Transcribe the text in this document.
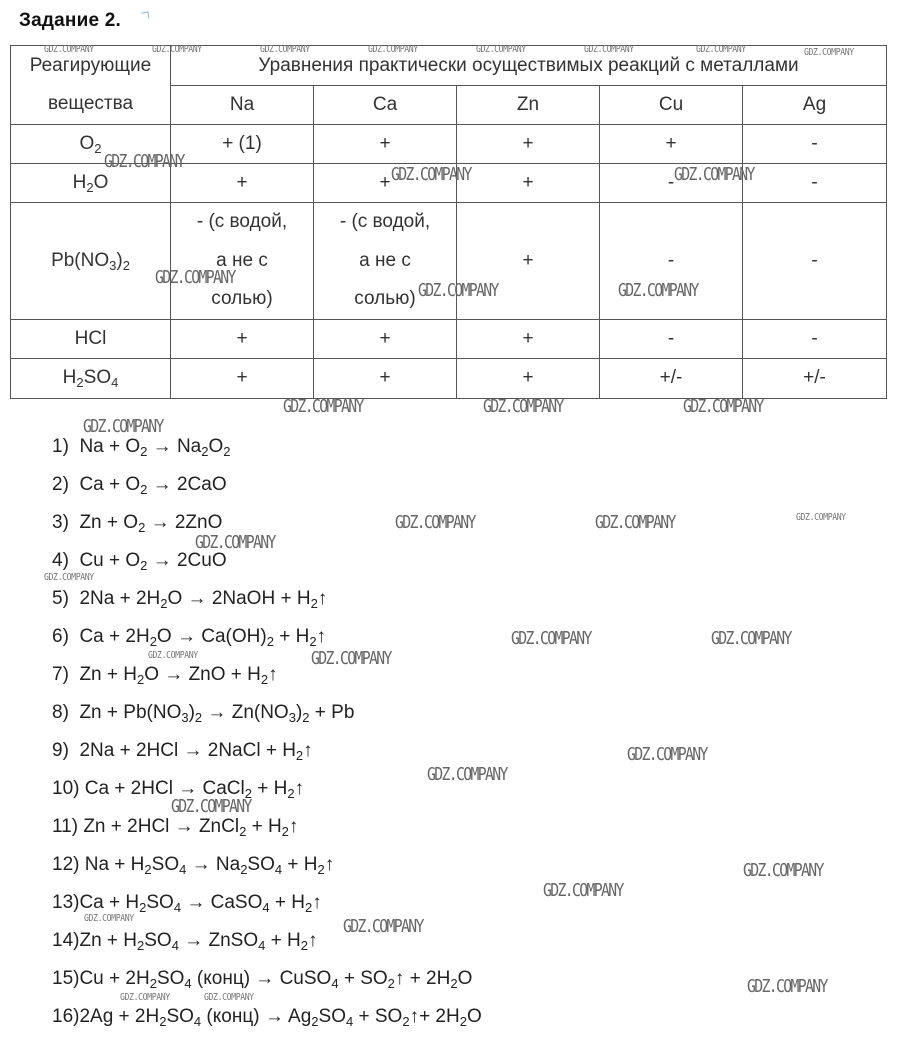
Задание 2.
Реагирующие
вещества	Уравнения практически осуществимых реакций с металлами				
	Na	Ca	Zn	Cu	Ag
$O_2$	+ (1)	+	+	+	-
$H_2O$	+	+	+	-	-
$Pb(NO_3)_2$	- (с водой,
а не с
солью)	- (с водой,
а не с
солью)	+	-	-
HCl	+	+	+	-	-
$H_2SO_4$	+	+	+	+/-	+/-
1)  $Na + O_2 \to Na_2O_2$
2)  $Ca + O_2 \to 2CaO$
3)  $Zn + O_2 \to 2ZnO$
4)  $Cu + O_2 \to 2CuO$
5)  $2Na + 2H_2O$ → 2NaOH + $H_2↑$
6)  $Ca + 2H_2O \to Ca(OH)_2$ + $H_2↑$
7)  $Zn + H_2O$ → ZnO + $H_2↑$
8)  $Zn + Pb(NO_3)_2 \to Zn(NO_3)_2 + Pb$
9)  2Na + 2HCl → 2NaCl + $H_2↑$
10) Ca + 2HCl → CaCl$_2$ + $H_2↑$
11) Zn + 2HCl → ZnCl$_2$ + $H_2↑$
12) $Na + H_2SO_4 \to Na_2SO_4$ + $H_2↑$
$13)Ca + H_2SO_4$ → CaSO$_4$ + $H_2↑$
$14)Zn + H_2SO_4$ → ZnSO$_4$ + $H_2↑$
$15)Cu + 2H_2SO_4$ (конц) → CuSO$_4$ + $SO_2↑ + 2H_2O$
$16)2Ag + 2H_2SO_4$ (конц) → $Ag_2SO_4$ + $SO_2↑+ 2H_2O$
GDZ.COMPANY	GDZ.COMPANY	GDZ.COMPANY	GDZ.COMPANY	GDZ.COMPANY	GDZ.COMPANY	GDZ.COMPANY	GDZ.COMPANY
GDZ.COMPANY
GDZ.COMPANY	GDZ.COMPANY
GDZ.COMPANY
GDZ.COMPANY	GDZ.COMPANY
GDZ.COMPANY	GDZ.COMPANY	GDZ.COMPANY
GDZ.COMPANY
GDZ.COMPANY	GDZ.COMPANY	GDZ.COMPANY
GDZ.COMPANY
GDZ.COMPANY
GDZ.COMPANY	GDZ.COMPANY
GDZ.COMPANY	GDZ.COMPANY
GDZ.COMPANY
GDZ.COMPANY
GDZ.COMPANY
GDZ.COMPANY
GDZ.COMPANY
GDZ.COMPANY	GDZ.COMPANY
GDZ.COMPANY
GDZ.COMPANY	GDZ.COMPANY
